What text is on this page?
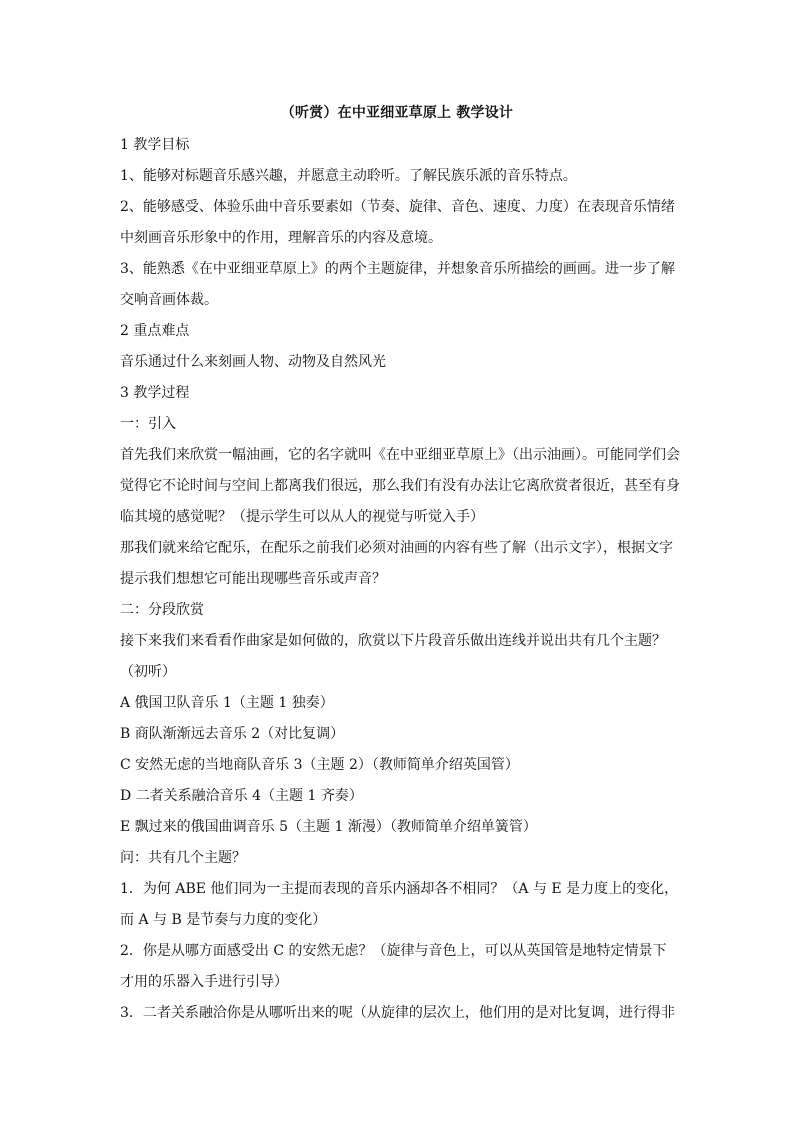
（听赏）在中亚细亚草原上 教学设计

1 教学目标

1、能够对标题音乐感兴趣，并愿意主动聆听。了解民族乐派的音乐特点。

2、能够感受、体验乐曲中音乐要素如（节奏、旋律、音色、速度、力度）在表现音乐情绪中刻画音乐形象中的作用，理解音乐的内容及意境。

3、能熟悉《在中亚细亚草原上》的两个主题旋律，并想象音乐所描绘的画画。进一步了解交响音画体裁。

2 重点难点

音乐通过什么来刻画人物、动物及自然风光

3 教学过程

一：引入

首先我们来欣赏一幅油画，它的名字就叫《在中亚细亚草原上》（出示油画）。可能同学们会觉得它不论时间与空间上都离我们很远，那么我们有没有办法让它离欣赏者很近，甚至有身临其境的感觉呢？（提示学生可以从人的视觉与听觉入手）

那我们就来给它配乐，在配乐之前我们必须对油画的内容有些了解（出示文字），根据文字提示我们想想它可能出现哪些音乐或声音？

二：分段欣赏

接下来我们来看看作曲家是如何做的，欣赏以下片段音乐做出连线并说出共有几个主题？（初听）

A 俄国卫队音乐 1（主题 1 独奏）

B 商队渐渐远去音乐 2（对比复调）

C 安然无虑的当地商队音乐 3（主题 2）（教师简单介绍英国管）

D 二者关系融洽音乐 4（主题 1 齐奏）

E 飘过来的俄国曲调音乐 5（主题 1 渐漫）（教师简单介绍单簧管）

问：共有几个主题？

1．为何 ABE 他们同为一主提而表现的音乐内涵却各不相同？（A 与 E 是力度上的变化，而 A 与 B 是节奏与力度的变化）

2．你是从哪方面感受出 C 的安然无虑？（旋律与音色上，可以从英国管是地特定情景下才用的乐器入手进行引导）

3．二者关系融洽你是从哪听出来的呢（从旋律的层次上，他们用的是对比复调，进行得非
